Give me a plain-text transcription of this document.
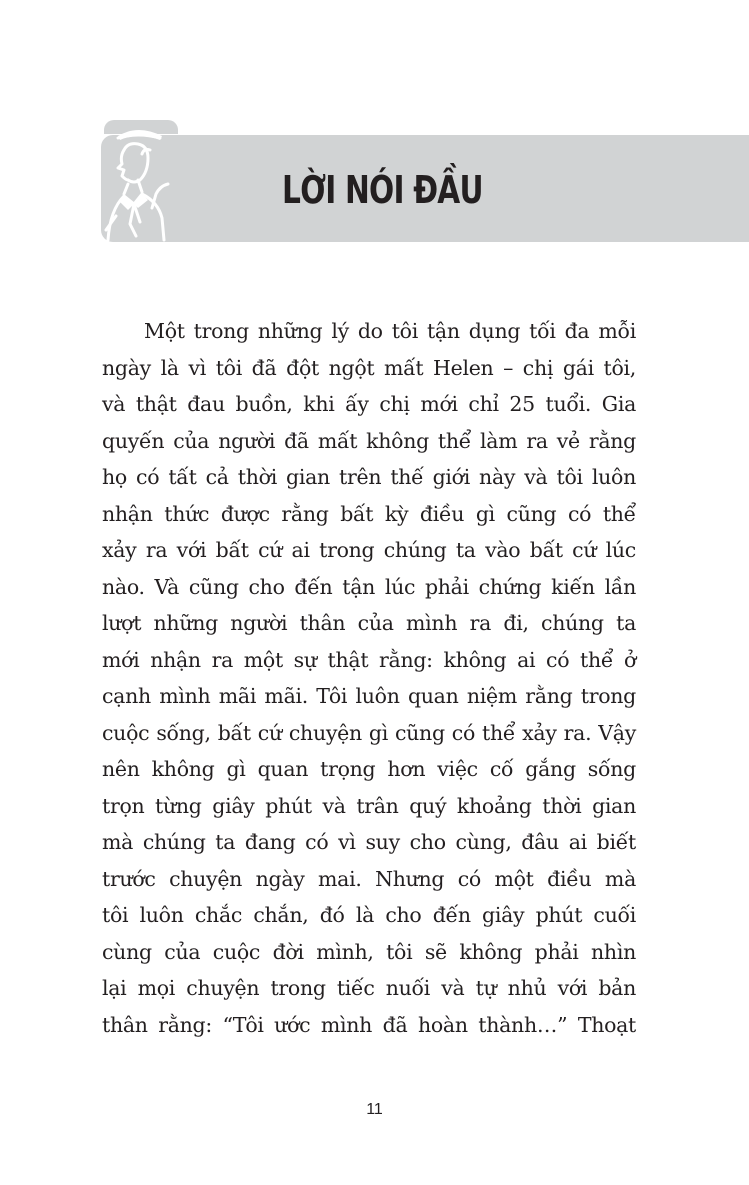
LỜI NÓI ĐẦU
Một trong những lý do tôi tận dụng tối đa mỗi
ngày là vì tôi đã đột ngột mất Helen – chị gái tôi,
và thật đau buồn, khi ấy chị mới chỉ 25 tuổi. Gia
quyến của người đã mất không thể làm ra vẻ rằng
họ có tất cả thời gian trên thế giới này và tôi luôn
nhận thức được rằng bất kỳ điều gì cũng có thể
xảy ra với bất cứ ai trong chúng ta vào bất cứ lúc
nào. Và cũng cho đến tận lúc phải chứng kiến lần
lượt những người thân của mình ra đi, chúng ta
mới nhận ra một sự thật rằng: không ai có thể ở
cạnh mình mãi mãi. Tôi luôn quan niệm rằng trong
cuộc sống, bất cứ chuyện gì cũng có thể xảy ra. Vậy
nên không gì quan trọng hơn việc cố gắng sống
trọn từng giây phút và trân quý khoảng thời gian
mà chúng ta đang có vì suy cho cùng, đâu ai biết
trước chuyện ngày mai. Nhưng có một điều mà
tôi luôn chắc chắn, đó là cho đến giây phút cuối
cùng của cuộc đời mình, tôi sẽ không phải nhìn
lại mọi chuyện trong tiếc nuối và tự nhủ với bản
thân rằng: “Tôi ước mình đã hoàn thành…” Thoạt
11
